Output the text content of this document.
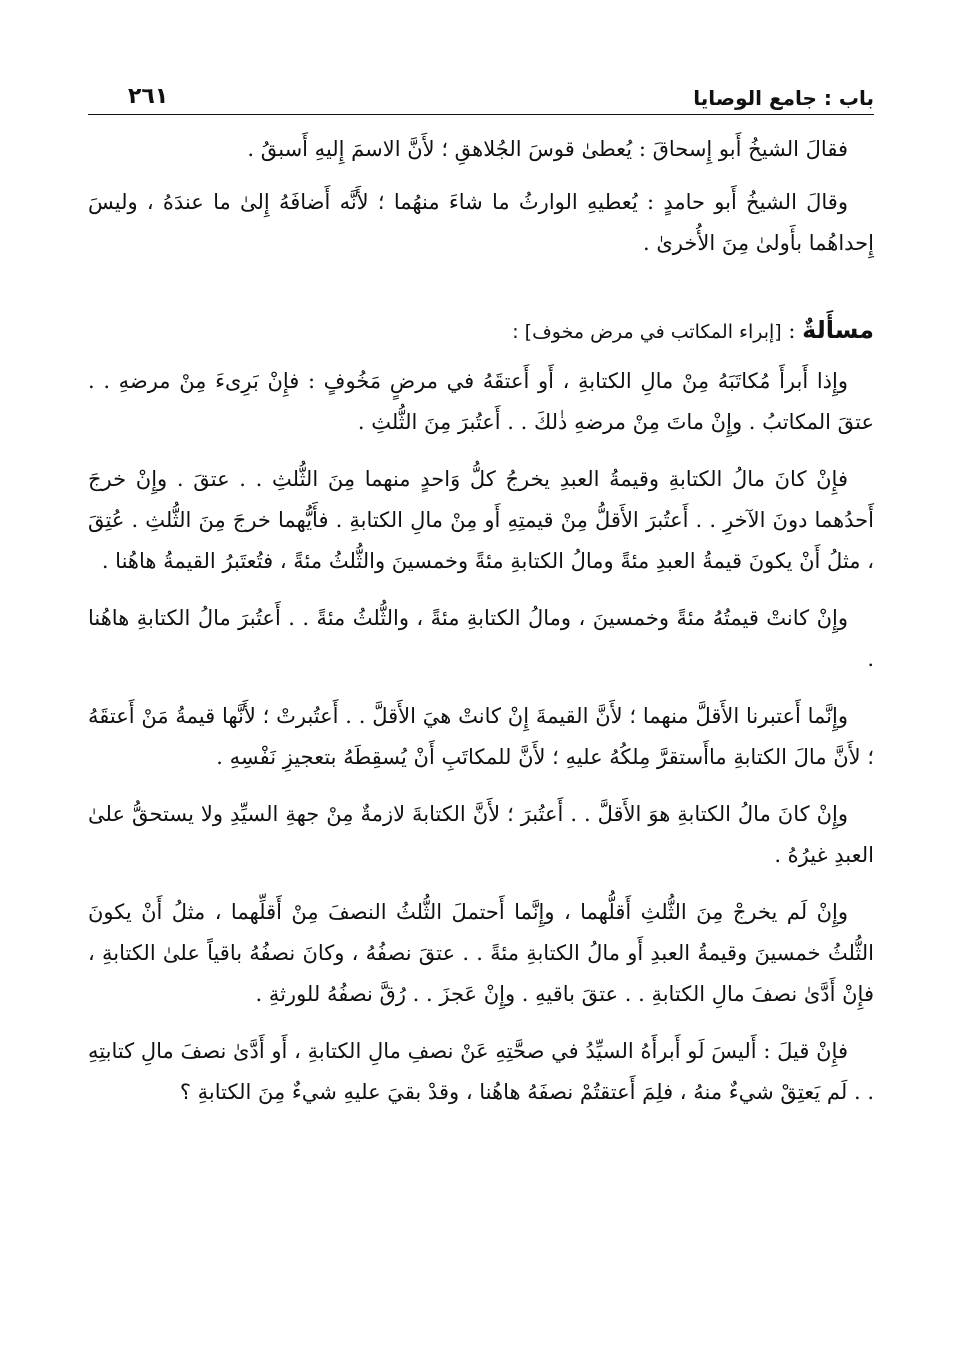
باب : جامع الوصايا
٢٦١

فقالَ الشيخُ أَبو إِسحاقَ : يُعطىٰ قوسَ الجُلاهقِ ؛ لأَنَّ الاسمَ إِليهِ أَسبقُ .

وقالَ الشيخُ أَبو حامدٍ : يُعطيهِ الوارثُ ما شاءَ منهُما ؛ لأَنَّه أَضافَهُ إِلىٰ ما عندَهُ ، وليسَ إِحداهُما بأَولىٰ مِنَ الأُخرىٰ .

مسأَلةٌ : [إبراء المكاتب في مرض مخوف] :

وإِذا أَبرأَ مُكاتَبَهُ مِنْ مالِ الكتابةِ ، أَو أَعتقَهُ في مرضٍ مَخُوفٍ : فإِنْ بَرِىءَ مِنْ مرضهِ . . عتقَ المكاتبُ . وإِنْ ماتَ مِنْ مرضهِ ذٰلكَ . . أَعتُبرَ مِنَ الثُّلثِ .

فإِنْ كانَ مالُ الكتابةِ وقيمةُ العبدِ يخرجُ كلُّ وَاحدٍ منهما مِنَ الثُّلثِ . . عتقَ . وإِنْ خرجَ أَحدُهما دونَ الآخرِ . . أَعتُبرَ الأَقلُّ مِنْ قيمتِهِ أَو مِنْ مالِ الكتابةِ . فأَيُّهما خرجَ مِنَ الثُّلثِ . عُتِقَ ، مثلُ أَنْ يكونَ قيمةُ العبدِ مئةً ومالُ الكتابةِ مئةً وخمسينَ والثُّلثُ مئةً ، فتُعتَبرُ القيمةُ هاهُنا .

وإِنْ كانتْ قيمتُهُ مئةً وخمسينَ ، ومالُ الكتابةِ مئةً ، والثُّلثُ مئةً . . أَعتُبرَ مالُ الكتابةِ هاهُنا .

وإِنَّما أَعتبرنا الأَقلَّ منهما ؛ لأَنَّ القيمةَ إِنْ كانتْ هيَ الأَقلَّ . . أَعتُبرتْ ؛ لأَنَّها قيمةُ مَنْ أَعتقَهُ ؛ لأَنَّ مالَ الكتابةِ ماأَستقرَّ مِلكُهُ عليهِ ؛ لأَنَّ للمكاتَبِ أَنْ يُسقِطَهُ بتعجيزِ نَفْسِهِ .

وإِنْ كانَ مالُ الكتابةِ هوَ الأَقلَّ . . أَعتُبرَ ؛ لأَنَّ الكتابةَ لازمةٌ مِنْ جهةِ السيِّدِ ولا يستحقُّ علىٰ العبدِ غيرُهُ .

وإِنْ لَم يخرجْ مِنَ الثُّلثِ أَقلُّهما ، وإِنَّما أَحتملَ الثُّلثُ النصفَ مِنْ أَقلِّهما ، مثلُ أَنْ يكونَ الثُّلثُ خمسينَ وقيمةُ العبدِ أَو مالُ الكتابةِ مئةً . . عتقَ نصفُهُ ، وكانَ نصفُهُ باقياً علىٰ الكتابةِ ، فإِنْ أَدَّىٰ نصفَ مالِ الكتابةِ . . عتقَ باقيهِ . وإِنْ عَجزَ . . رُقَّ نصفُهُ للورثةِ .

فإِنْ قيلَ : أَليسَ لَو أَبرأَهُ السيِّدُ في صحَّتِهِ عَنْ نصفِ مالِ الكتابةِ ، أَو أَدَّىٰ نصفَ مالِ كتابتِهِ . . لَم يَعتِقْ شيءٌ منهُ ، فلِمَ أَعتقتُمْ نصفَهُ هاهُنا ، وقدْ بقيَ عليهِ شيءٌ مِنَ الكتابةِ ؟
